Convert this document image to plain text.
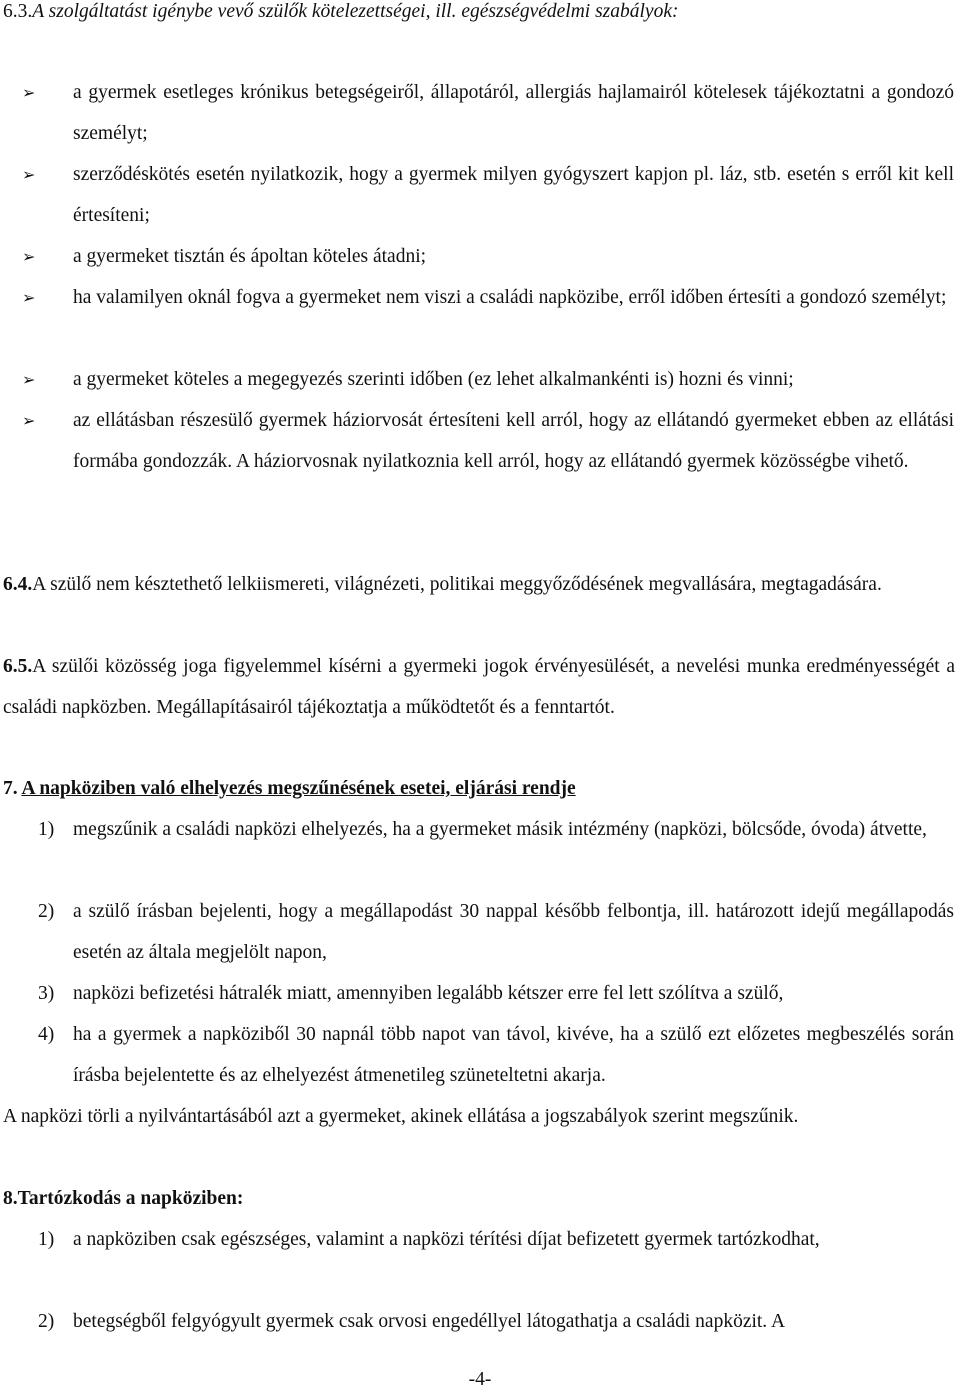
6.3.A szolgáltatást igénybe vevő szülők kötelezettségei, ill. egészségvédelmi szabályok:
➢ a gyermek esetleges krónikus betegségeiről, állapotáról, allergiás hajlamairól kötelesek tájékoztatni a gondozó személyt;
➢ szerződéskötés esetén nyilatkozik, hogy a gyermek milyen gyógyszert kapjon pl. láz, stb. esetén s erről kit kell értesíteni;
➢ a gyermeket tisztán és ápoltan köteles átadni;
➢ ha valamilyen oknál fogva a gyermeket nem viszi a családi napközibe, erről időben értesíti a gondozó személyt;
➢ a gyermeket köteles a megegyezés szerinti időben (ez lehet alkalmankénti is) hozni és vinni;
➢ az ellátásban részesülő gyermek háziorvosát értesíteni kell arról, hogy az ellátandó gyermeket ebben az ellátási formába gondozzák. A háziorvosnak nyilatkoznia kell arról, hogy az ellátandó gyermek közösségbe vihető.
6.4.A szülő nem késztethető lelkiismereti, világnézeti, politikai meggyőződésének megvallására, megtagadására.
6.5.A szülői közösség joga figyelemmel kísérni a gyermeki jogok érvényesülését, a nevelési munka eredményességét a családi napközben. Megállapításairól tájékoztatja a működtetőt és a fenntartót.
7. A napköziben való elhelyezés megszűnésének esetei, eljárási rendje
1) megszűnik a családi napközi elhelyezés, ha a gyermeket másik intézmény (napközi, bölcsőde, óvoda) átvette,
2) a szülő írásban bejelenti, hogy a megállapodást 30 nappal később felbontja, ill. határozott idejű megállapodás esetén az általa megjelölt napon,
3) napközi befizetési hátralék miatt, amennyiben legalább kétszer erre fel lett szólítva a szülő,
4) ha a gyermek a napköziből 30 napnál több napot van távol, kivéve, ha a szülő ezt előzetes megbeszélés során írásba bejelentette és az elhelyezést átmenetileg szüneteltetni akarja.
A napközi törli a nyilvántartásából azt a gyermeket, akinek ellátása a jogszabályok szerint megszűnik.
8.Tartózkodás a napköziben:
1) a napköziben csak egészséges, valamint a napközi térítési díjat befizetett gyermek tartózkodhat,
2) betegségből felgyógyult gyermek csak orvosi engedéllyel látogathatja a családi napközit. A
-4-
